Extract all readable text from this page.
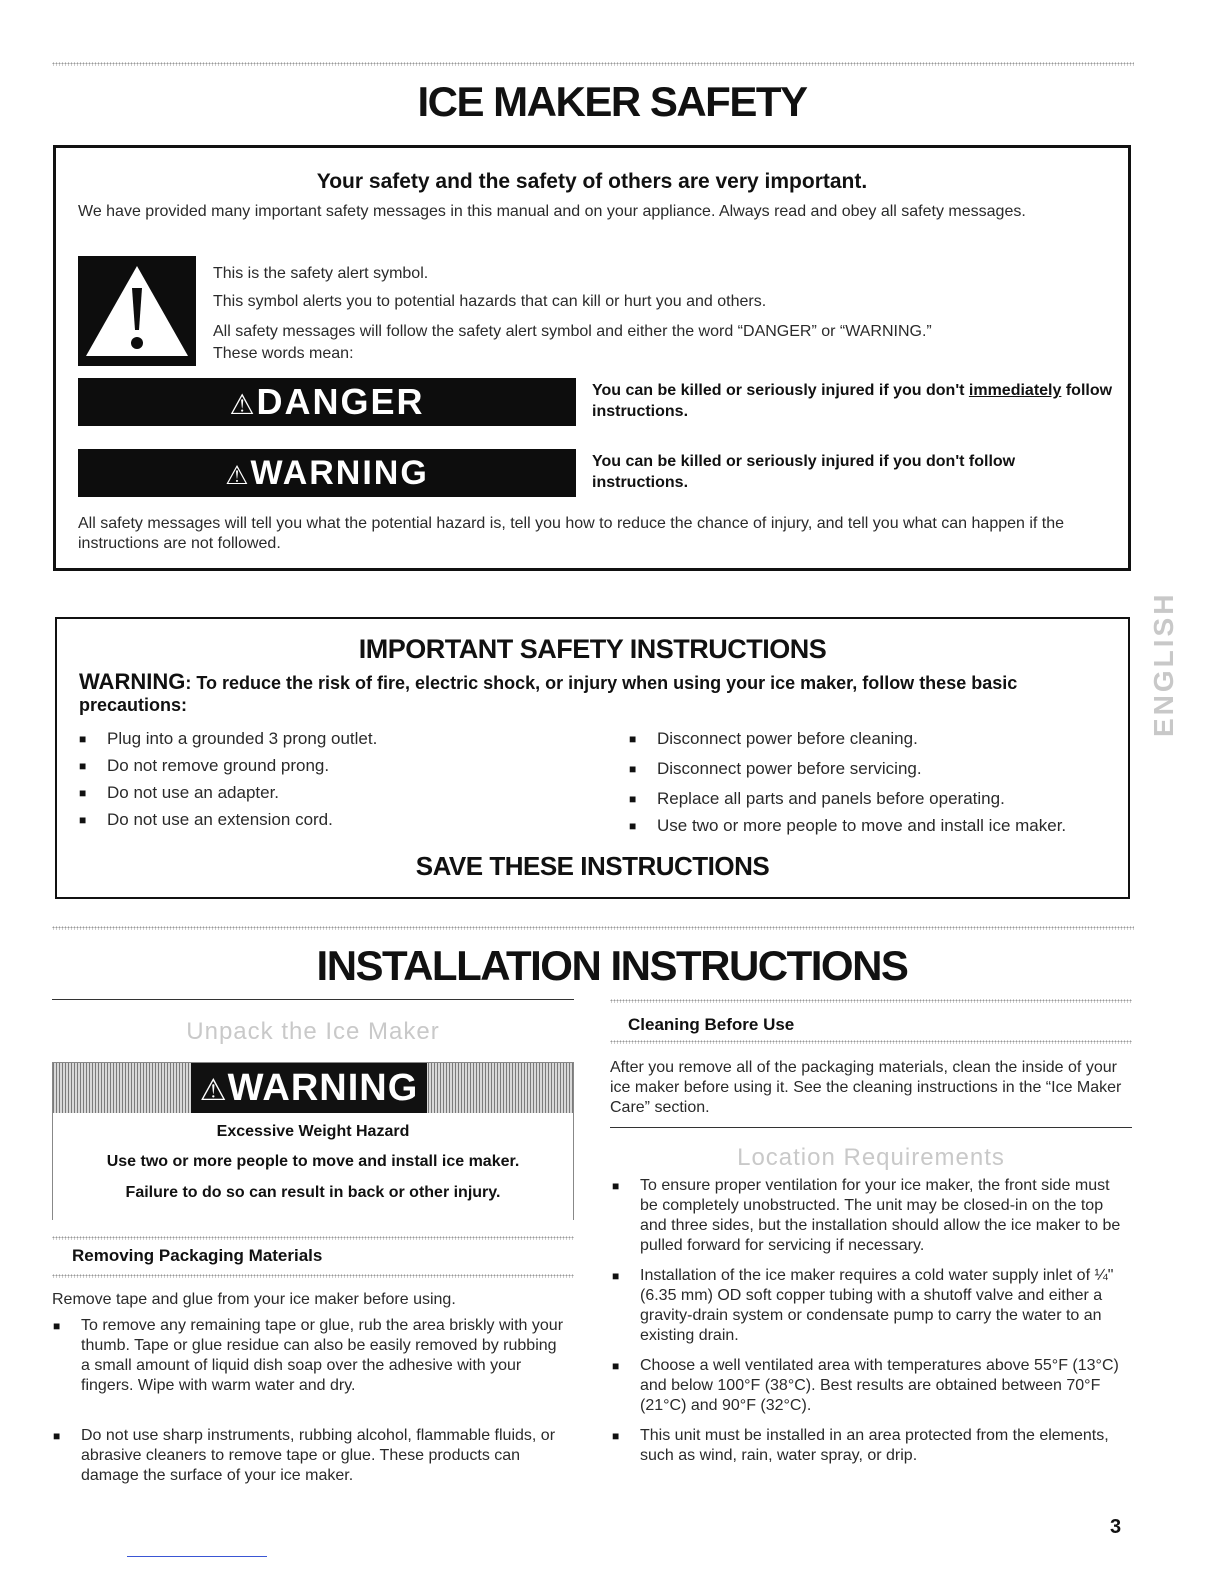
ICE MAKER SAFETY
Your safety and the safety of others are very important.
We have provided many important safety messages in this manual and on your appliance. Always read and obey all safety messages.
This is the safety alert symbol.
This symbol alerts you to potential hazards that can kill or hurt you and others.
All safety messages will follow the safety alert symbol and either the word “DANGER” or “WARNING.”
These words mean:
⚠DANGER	You can be killed or seriously injured if you don't immediately follow instructions.
⚠WARNING	You can be killed or seriously injured if you don't follow instructions.
All safety messages will tell you what the potential hazard is, tell you how to reduce the chance of injury, and tell you what can happen if the instructions are not followed.
IMPORTANT SAFETY INSTRUCTIONS
WARNING: To reduce the risk of fire, electric shock, or injury when using your ice maker, follow these basic precautions:
■ Plug into a grounded 3 prong outlet.
■ Do not remove ground prong.
■ Do not use an adapter.
■ Do not use an extension cord.
■ Disconnect power before cleaning.
■ Disconnect power before servicing.
■ Replace all parts and panels before operating.
■ Use two or more people to move and install ice maker.
SAVE THESE INSTRUCTIONS
ENGLISH
INSTALLATION INSTRUCTIONS
Unpack the Ice Maker
⚠WARNING
Excessive Weight Hazard
Use two or more people to move and install ice maker.
Failure to do so can result in back or other injury.
Removing Packaging Materials
Remove tape and glue from your ice maker before using.
■ To remove any remaining tape or glue, rub the area briskly with your thumb. Tape or glue residue can also be easily removed by rubbing a small amount of liquid dish soap over the adhesive with your fingers. Wipe with warm water and dry.
■ Do not use sharp instruments, rubbing alcohol, flammable fluids, or abrasive cleaners to remove tape or glue. These products can damage the surface of your ice maker.
Cleaning Before Use
After you remove all of the packaging materials, clean the inside of your ice maker before using it. See the cleaning instructions in the “Ice Maker Care” section.
Location Requirements
■ To ensure proper ventilation for your ice maker, the front side must be completely unobstructed. The unit may be closed-in on the top and three sides, but the installation should allow the ice maker to be pulled forward for servicing if necessary.
■ Installation of the ice maker requires a cold water supply inlet of ¼" (6.35 mm) OD soft copper tubing with a shutoff valve and either a gravity-drain system or condensate pump to carry the water to an existing drain.
■ Choose a well ventilated area with temperatures above 55°F (13°C) and below 100°F (38°C). Best results are obtained between 70°F (21°C) and 90°F (32°C).
■ This unit must be installed in an area protected from the elements, such as wind, rain, water spray, or drip.
3
